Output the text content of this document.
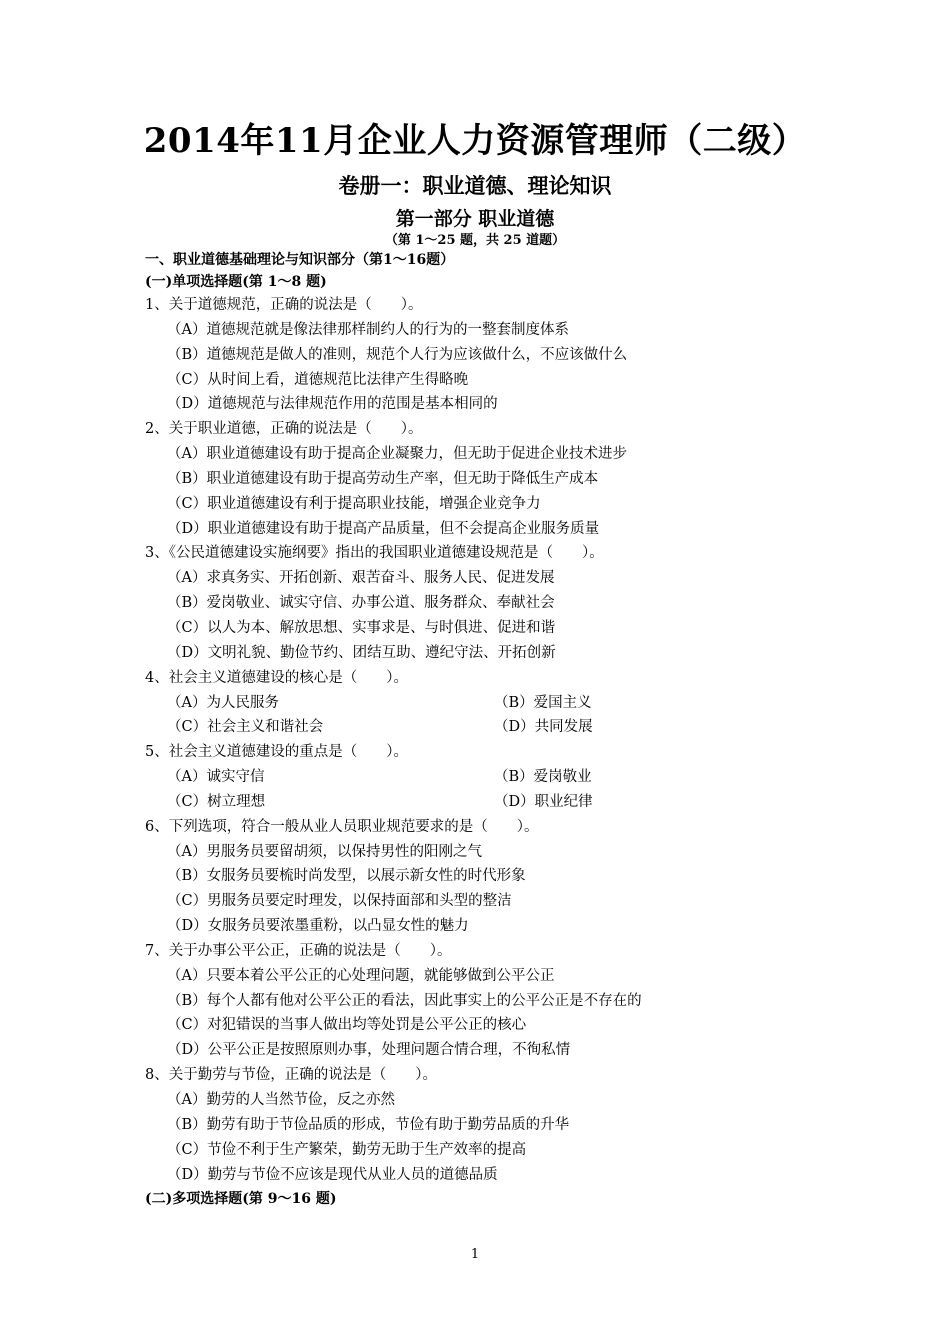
2014年11月企业人力资源管理师（二级）
卷册一：职业道德、理论知识
第一部分 职业道德
（第 1～25 题，共 25 道题）
一、职业道德基础理论与知识部分（第1～16题）
(一)单项选择题(第 1～8 题)
1、关于道德规范，正确的说法是（　　）。
（A）道德规范就是像法律那样制约人的行为的一整套制度体系
（B）道德规范是做人的准则，规范个人行为应该做什么，不应该做什么
（C）从时间上看，道德规范比法律产生得略晚
（D）道德规范与法律规范作用的范围是基本相同的
2、关于职业道德，正确的说法是（　　）。
（A）职业道德建设有助于提高企业凝聚力，但无助于促进企业技术进步
（B）职业道德建设有助于提高劳动生产率，但无助于降低生产成本
（C）职业道德建设有利于提高职业技能，增强企业竞争力
（D）职业道德建设有助于提高产品质量，但不会提高企业服务质量
3、《公民道德建设实施纲要》指出的我国职业道德建设规范是（　　）。
（A）求真务实、开拓创新、艰苦奋斗、服务人民、促进发展
（B）爱岗敬业、诚实守信、办事公道、服务群众、奉献社会
（C）以人为本、解放思想、实事求是、与时俱进、促进和谐
（D）文明礼貌、勤俭节约、团结互助、遵纪守法、开拓创新
4、社会主义道德建设的核心是（　　）。
（A）为人民服务	（B）爱国主义
（C）社会主义和谐社会	（D）共同发展
5、社会主义道德建设的重点是（　　）。
（A）诚实守信	（B）爱岗敬业
（C）树立理想	（D）职业纪律
6、下列选项，符合一般从业人员职业规范要求的是（　　）。
（A）男服务员要留胡须，以保持男性的阳刚之气
（B）女服务员要梳时尚发型，以展示新女性的时代形象
（C）男服务员要定时理发，以保持面部和头型的整洁
（D）女服务员要浓墨重粉，以凸显女性的魅力
7、关于办事公平公正，正确的说法是（　　）。
（A）只要本着公平公正的心处理问题，就能够做到公平公正
（B）每个人都有他对公平公正的看法，因此事实上的公平公正是不存在的
（C）对犯错误的当事人做出均等处罚是公平公正的核心
（D）公平公正是按照原则办事，处理问题合情合理，不徇私情
8、关于勤劳与节俭，正确的说法是（　　）。
（A）勤劳的人当然节俭，反之亦然
（B）勤劳有助于节俭品质的形成，节俭有助于勤劳品质的升华
（C）节俭不利于生产繁荣，勤劳无助于生产效率的提高
（D）勤劳与节俭不应该是现代从业人员的道德品质
(二)多项选择题(第 9～16 题)
1
